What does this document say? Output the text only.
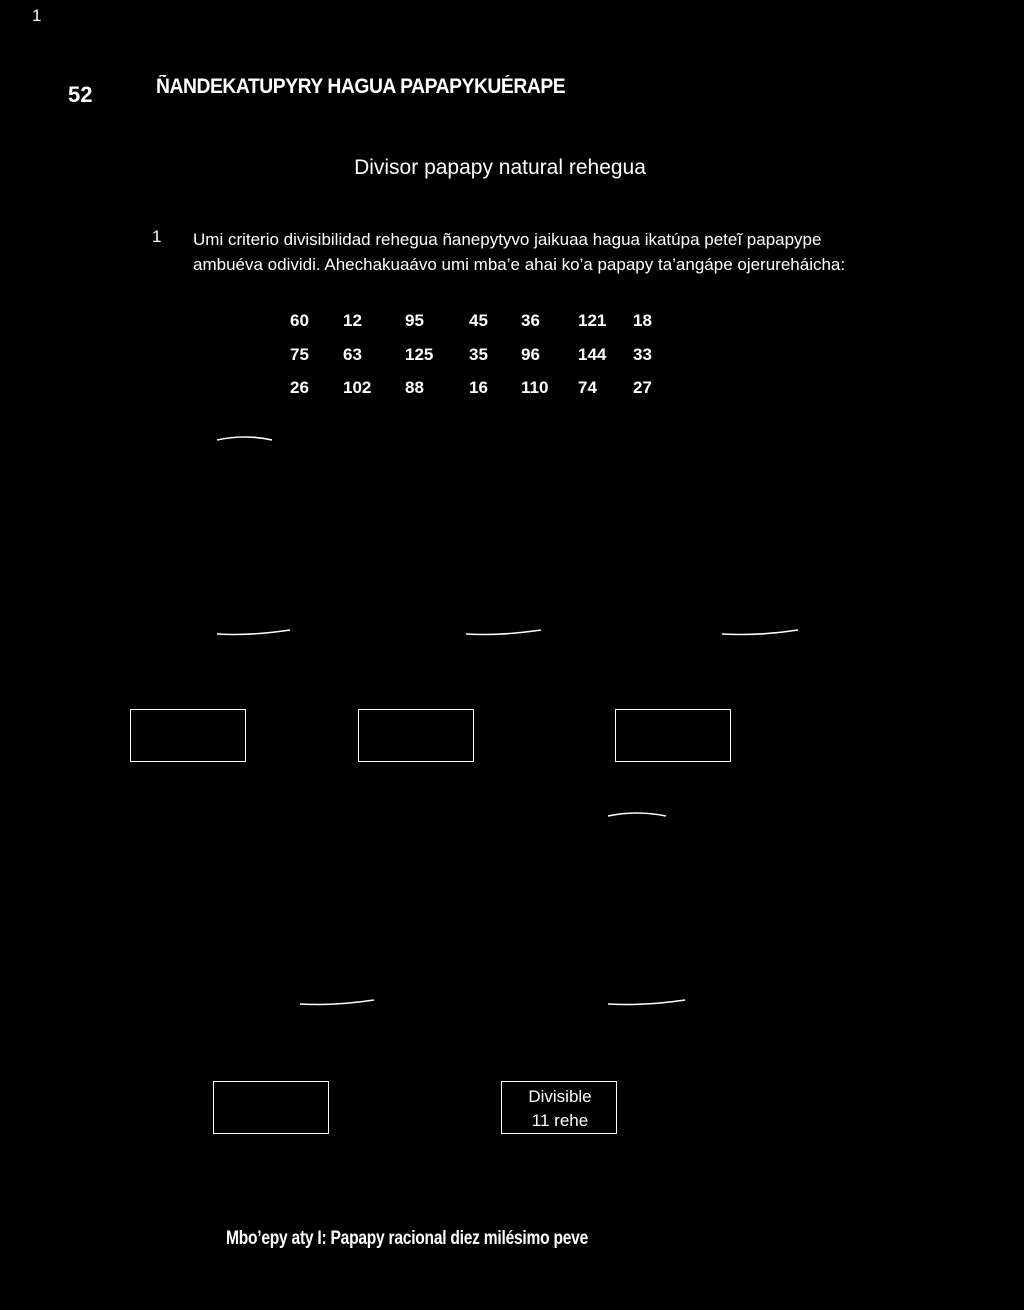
1
52	ÑANDEKATUPYRY HAGUA PAPAPYKUÉRAPE
Divisor papapy natural rehegua
1 Umi criterio divisibilidad rehegua ñanepytyvo jaikuaa hagua ikatúpa peteĩ papapype ambuéva odividi. Ahechakuaávo umi mba’e ahai ko’a papapy ta’angápe ojerureháicha:
60	12	95	45	36	121	18
75	63	125	35	96	144	33
26	102	88	16	110	74	27
Divisible
11 rehe
Mbo’epy aty I: Papapy racional diez milésimo peve
